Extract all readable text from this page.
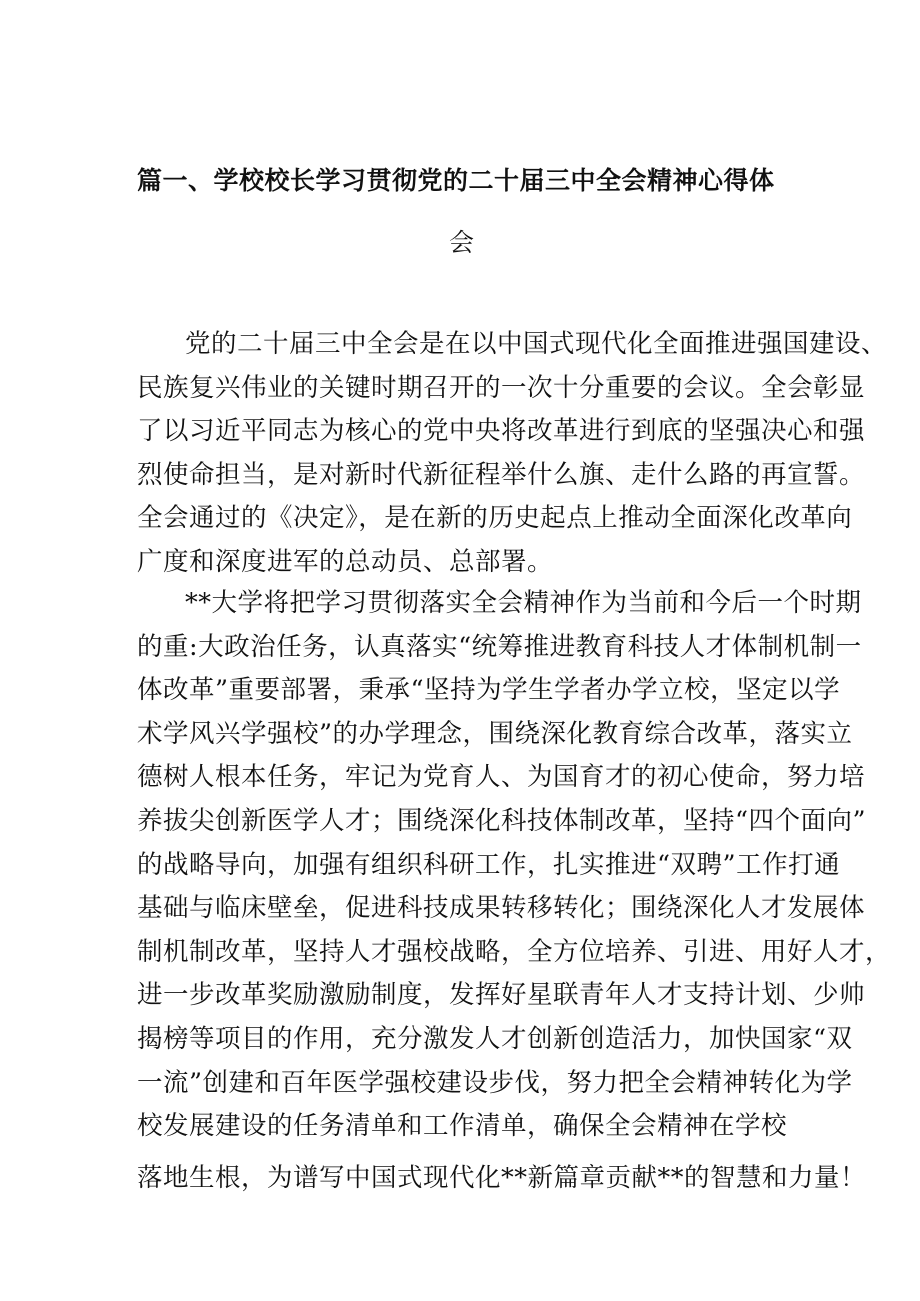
篇一、学校校长学习贯彻党的二十届三中全会精神心得体
会
党的二十届三中全会是在以中国式现代化全面推进强国建设、
民族复兴伟业的关键时期召开的一次十分重要的会议。全会彰显
了以习近平同志为核心的党中央将改革进行到底的坚强决心和强
烈使命担当，是对新时代新征程举什么旗、走什么路的再宣誓。
全会通过的《决定》，是在新的历史起点上推动全面深化改革向
广度和深度进军的总动员、总部署。
**大学将把学习贯彻落实全会精神作为当前和今后一个时期
的重:大政治任务，认真落实“统筹推进教育科技人才体制机制一
体改革”重要部署，秉承“坚持为学生学者办学立校，坚定以学
术学风兴学强校”的办学理念，围绕深化教育综合改革，落实立
德树人根本任务，牢记为党育人、为国育才的初心使命，努力培
养拔尖创新医学人才；围绕深化科技体制改革，坚持“四个面向”
的战略导向，加强有组织科研工作，扎实推进“双聘”工作打通
基础与临床壁垒，促进科技成果转移转化；围绕深化人才发展体
制机制改革，坚持人才强校战略，全方位培养、引进、用好人才，
进一步改革奖励激励制度，发挥好星联青年人才支持计划、少帅
揭榜等项目的作用，充分激发人才创新创造活力，加快国家“双
一流”创建和百年医学强校建设步伐，努力把全会精神转化为学
校发展建设的任务清单和工作清单，确保全会精神在学校
落地生根，为谱写中国式现代化**新篇章贡献**的智慧和力量！
